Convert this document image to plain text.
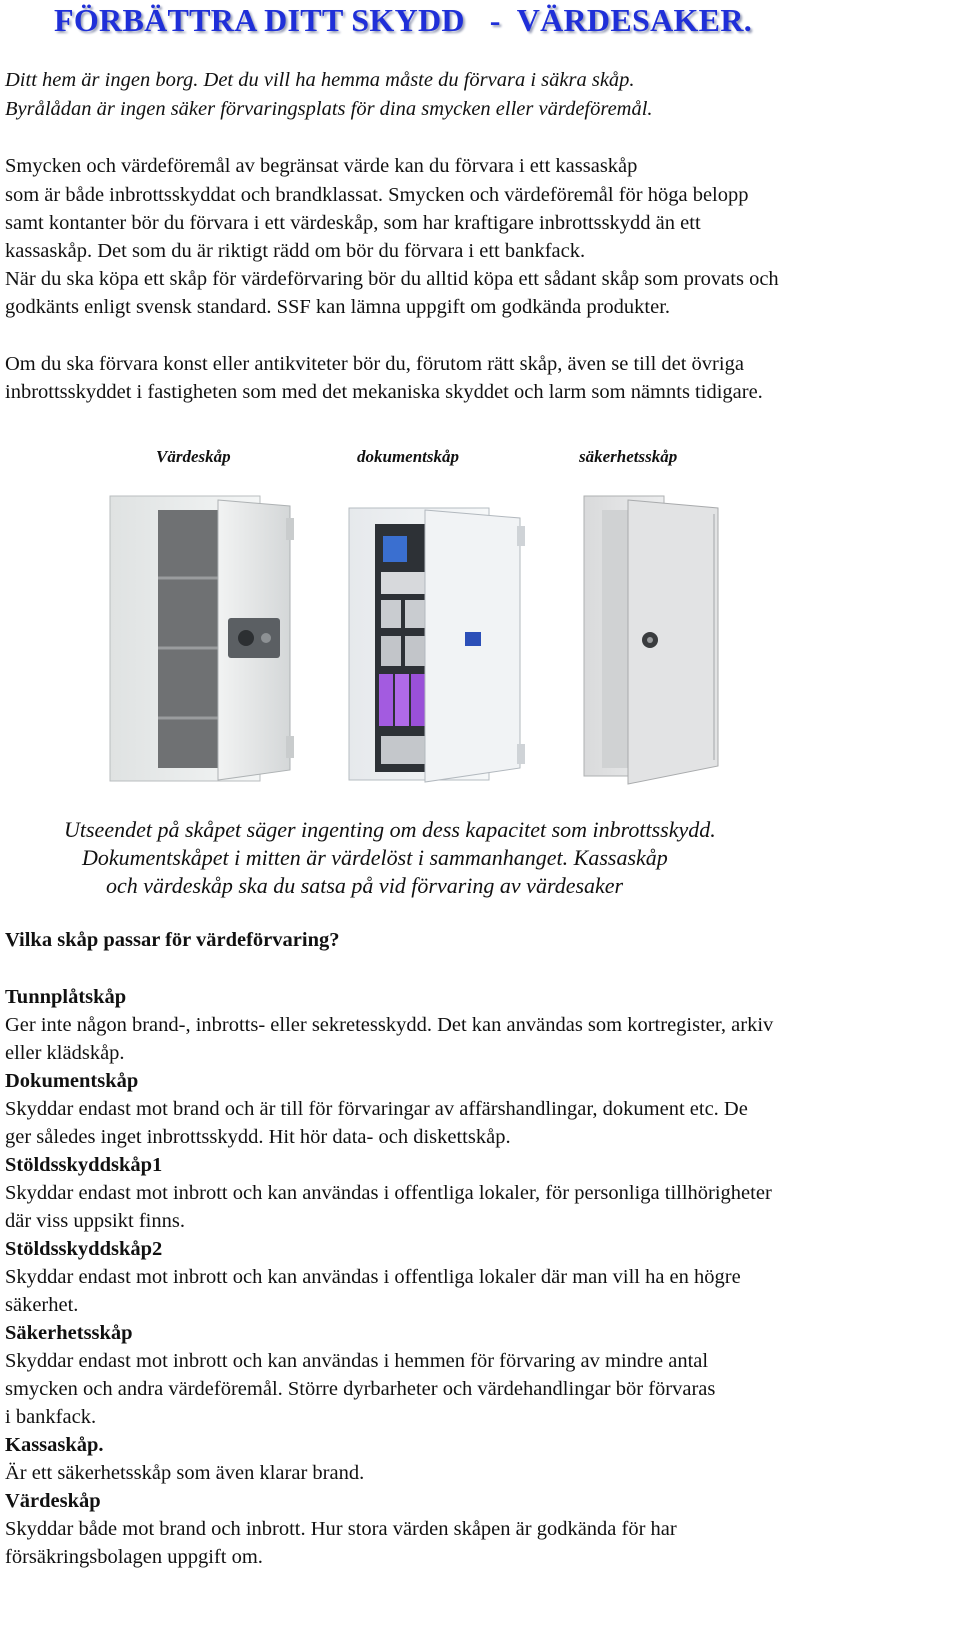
FÖRBÄTTRA DITT SKYDD   -  VÄRDESAKER.

Ditt hem är ingen borg. Det du vill ha hemma måste du förvara i säkra skåp.

Byrålådan är ingen säker förvaringsplats för dina smycken eller värdeföremål.

Smycken och värdeföremål av begränsat värde kan du förvara i ett kassaskåp

som är både inbrottsskyddat och brandklassat. Smycken och värdeföremål för höga belopp

samt kontanter bör du förvara i ett värdeskåp, som har kraftigare inbrottsskydd än ett

kassaskåp. Det som du är riktigt rädd om bör du förvara i ett bankfack.

När du ska köpa ett skåp för värdeförvaring bör du alltid köpa ett sådant skåp som provats och

godkänts enligt svensk standard. SSF kan lämna uppgift om godkända produkter.

Om du ska förvara konst eller antikviteter bör du, förutom rätt skåp, även se till det övriga

inbrottsskyddet i fastigheten som med det mekaniska skyddet och larm som nämnts tidigare.

Värdeskåp	dokumentskåp	säkerhetsskåp

Utseendet på skåpet säger ingenting om dess kapacitet som inbrottsskydd.

Dokumentskåpet i mitten är värdelöst i sammanhanget. Kassaskåp

och värdeskåp ska du satsa på vid förvaring av värdesaker

Vilka skåp passar för värdeförvaring?

Tunnplåtskåp

Ger inte någon brand-, inbrotts- eller sekretesskydd. Det kan användas som kortregister, arkiv

eller klädskåp.

Dokumentskåp

Skyddar endast mot brand och är till för förvaringar av affärshandlingar, dokument etc. De

ger således inget inbrottsskydd. Hit hör data- och diskettskåp.

Stöldsskyddskåp1

Skyddar endast mot inbrott och kan användas i offentliga lokaler, för personliga tillhörigheter

där viss uppsikt finns.

Stöldsskyddskåp2

Skyddar endast mot inbrott och kan användas i offentliga lokaler där man vill ha en högre

säkerhet.

Säkerhetsskåp

Skyddar endast mot inbrott och kan användas i hemmen för förvaring av mindre antal

smycken och andra värdeföremål. Större dyrbarheter och värdehandlingar bör förvaras

i bankfack.

Kassaskåp.

Är ett säkerhetsskåp som även klarar brand.

Värdeskåp

Skyddar både mot brand och inbrott. Hur stora värden skåpen är godkända för har

försäkringsbolagen uppgift om.
